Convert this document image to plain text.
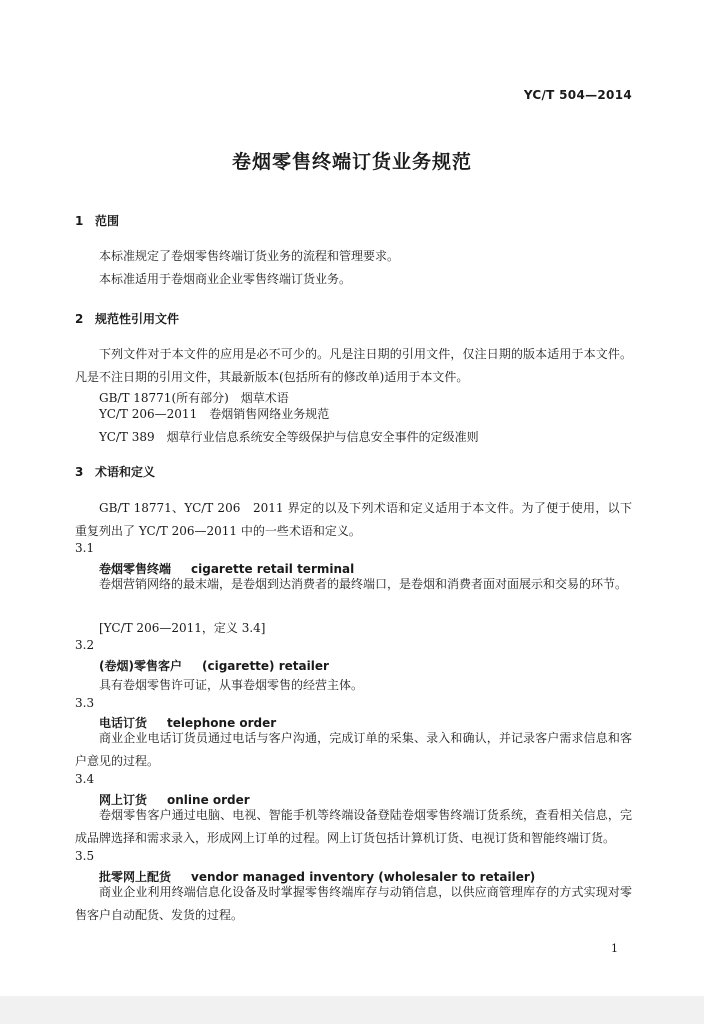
YC/T 504—2014
卷烟零售终端订货业务规范
1 范围
本标准规定了卷烟零售终端订货业务的流程和管理要求。
本标准适用于卷烟商业企业零售终端订货业务。
2 规范性引用文件
下列文件对于本文件的应用是必不可少的。凡是注日期的引用文件，仅注日期的版本适用于本文件。凡是不注日期的引用文件，其最新版本(包括所有的修改单)适用于本文件。
GB/T 18771(所有部分)　烟草术语
YC/T 206—2011　卷烟销售网络业务规范
YC/T 389　烟草行业信息系统安全等级保护与信息安全事件的定级准则
3 术语和定义
GB/T 18771、YC/T 206　2011 界定的以及下列术语和定义适用于本文件。为了便于使用，以下重复列出了 YC/T 206—2011 中的一些术语和定义。
3.1
卷烟零售终端 cigarette retail terminal
卷烟营销网络的最末端，是卷烟到达消费者的最终端口，是卷烟和消费者面对面展示和交易的环节。
[YC/T 206—2011，定义 3.4]
3.2
(卷烟)零售客户 (cigarette) retailer
具有卷烟零售许可证，从事卷烟零售的经营主体。
3.3
电话订货 telephone order
商业企业电话订货员通过电话与客户沟通，完成订单的采集、录入和确认，并记录客户需求信息和客户意见的过程。
3.4
网上订货 online order
卷烟零售客户通过电脑、电视、智能手机等终端设备登陆卷烟零售终端订货系统，查看相关信息，完成品牌选择和需求录入，形成网上订单的过程。网上订货包括计算机订货、电视订货和智能终端订货。
3.5
批零网上配货 vendor managed inventory (wholesaler to retailer)
商业企业利用终端信息化设备及时掌握零售终端库存与动销信息，以供应商管理库存的方式实现对零售客户自动配货、发货的过程。
1
